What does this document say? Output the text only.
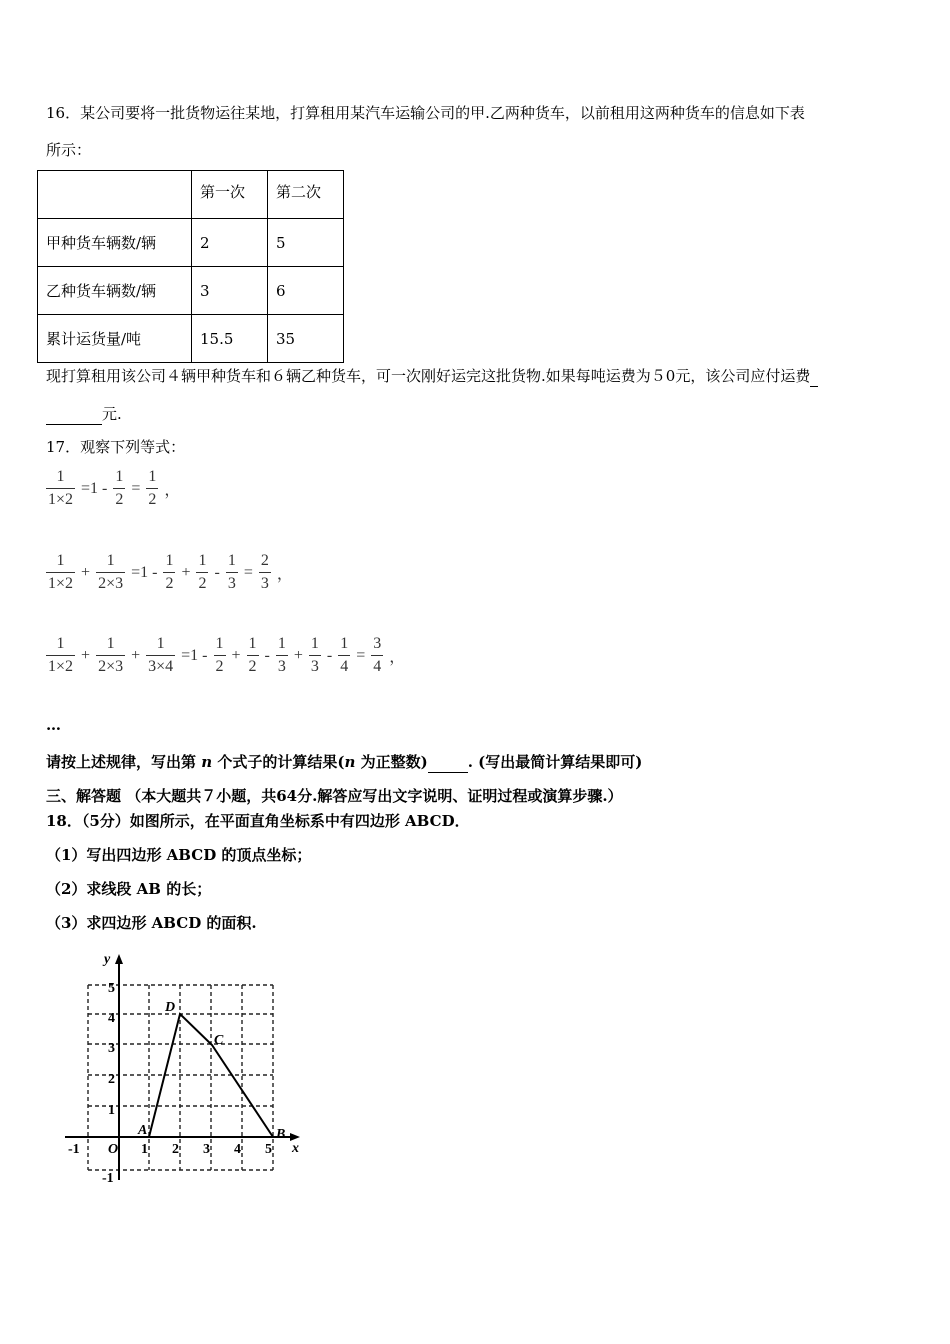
16．某公司要将一批货物运往某地，打算租用某汽车运输公司的甲.乙两种货车，以前租用这两种货车的信息如下表
所示：
	第一次	第二次
甲种货车辆数/辆	2	5
乙种货车辆数/辆	3	6
累计运货量/吨	15.5	35
现打算租用该公司４辆甲种货车和６辆乙种货车，可一次刚好运完这批货物.如果每吨运费为５0元，该公司应付运费
元.
17．观察下列等式：
$\frac{1}{1\times 2} =1 - \frac{1}{2} = \frac{1}{2}$ ，
$\frac{1}{1\times 2} + \frac{1}{2\times 3} =1 - \frac{1}{2} + \frac{1}{2} - \frac{1}{3} = \frac{2}{3}$ ，
$\frac{1}{1\times 2} + \frac{1}{2\times 3} + \frac{1}{3\times 4} =1 - \frac{1}{2} + \frac{1}{2} - \frac{1}{3} + \frac{1}{3} - \frac{1}{4} = \frac{3}{4}$ ，
…
请按上述规律，写出第 n 个式子的计算结果(n 为正整数)	. (写出最简计算结果即可)
三、解答题 （本大题共７小题，共64分.解答应写出文字说明、证明过程或演算步骤.）
18．（5分）如图所示，在平面直角坐标系中有四边形 ABCD．
（1）写出四边形 ABCD 的顶点坐标；
（2）求线段 AB 的长；
（3）求四边形 ABCD 的面积.
y
x
O
-1	1 2 3 4 5
5
4
3
2
1
-1
A	B
C
D
